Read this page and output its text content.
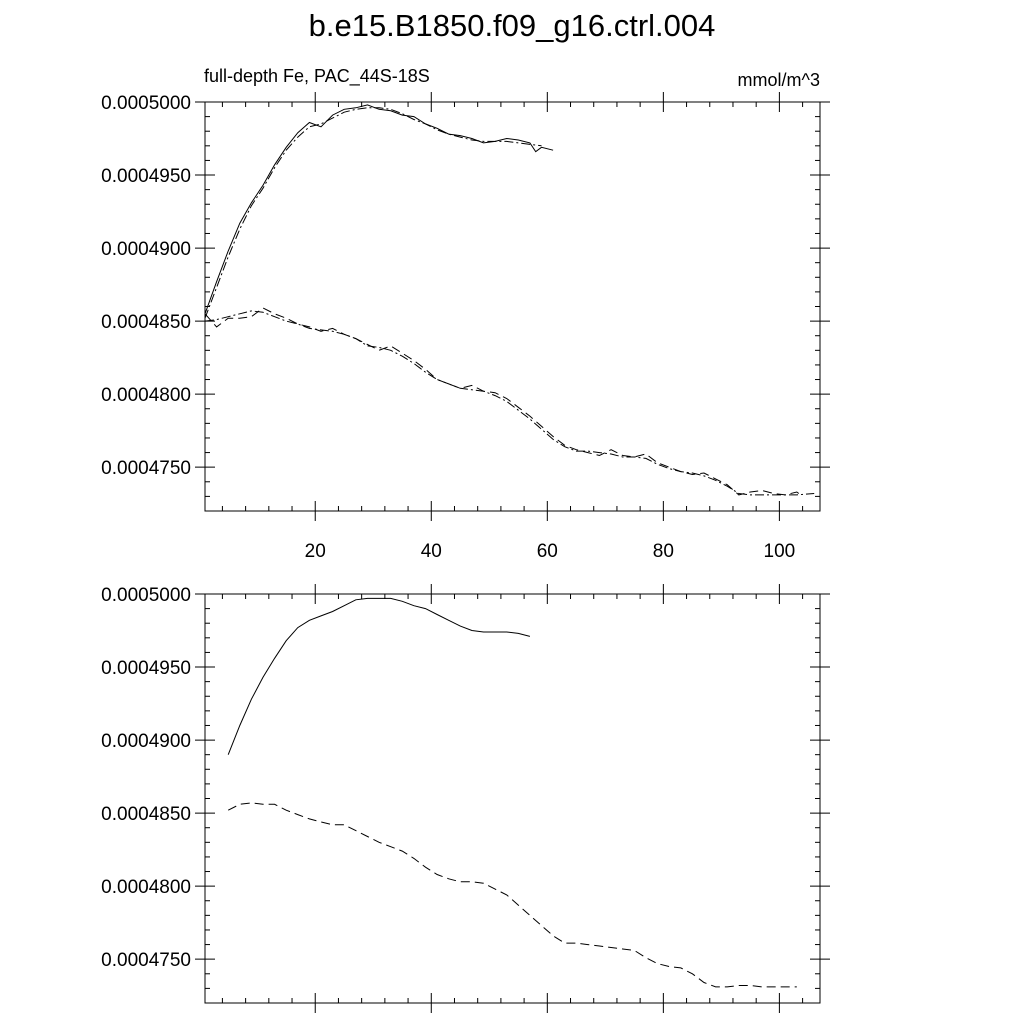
b.e15.B1850.f09_g16.ctrl.004
full-depth Fe, PAC_44S-18S	mmol/m^3
0.0004750
0.0004800
0.0004850
0.0004900
0.0004950
0.0005000
20	40	60	80	100
0.0004750
0.0004800
0.0004850
0.0004900
0.0004950
0.0005000
